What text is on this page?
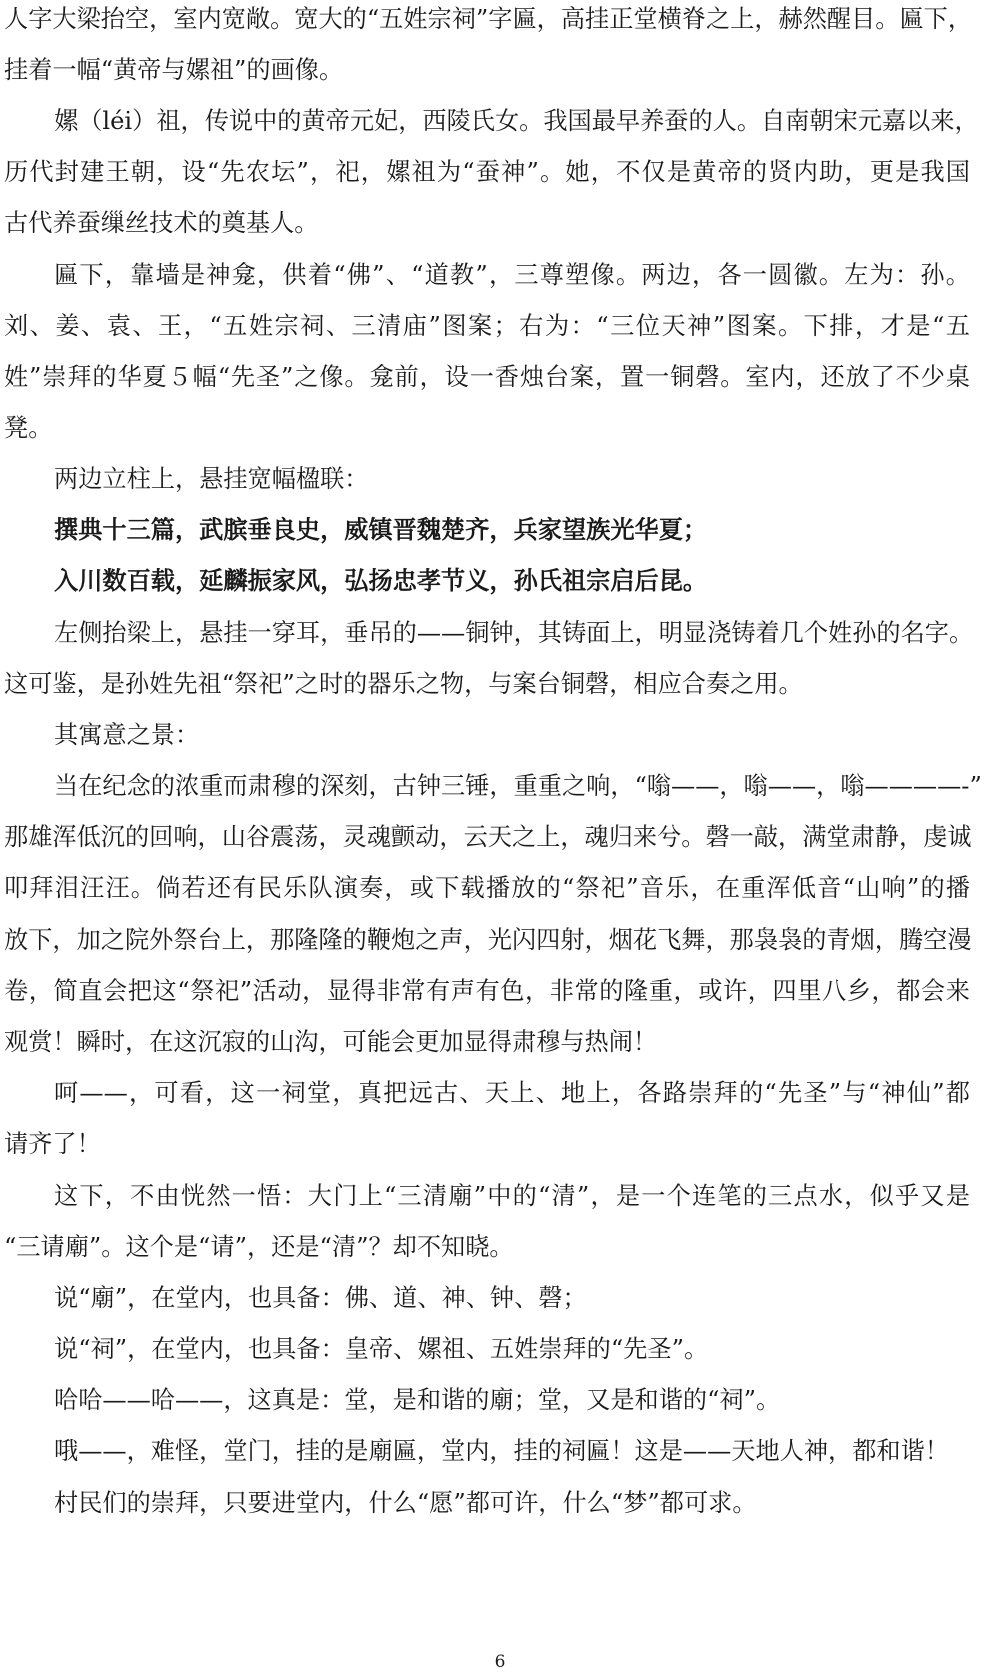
人字大梁抬空，室内宽敞。宽大的“五姓宗祠”字匾，高挂正堂横脊之上，赫然醒目。匾下，
挂着一幅“黄帝与嫘祖”的画像。
嫘（léi）祖，传说中的黄帝元妃，西陵氏女。我国最早养蚕的人。自南朝宋元嘉以来，
历代封建王朝，设“先农坛”，祀，嫘祖为“蚕神”。她，不仅是黄帝的贤内助，更是我国
古代养蚕缫丝技术的奠基人。
匾下，靠墙是神龛，供着“佛”、“道教”，三尊塑像。两边，各一圆徽。左为：孙。
刘、姜、袁、王，“五姓宗祠、三清庙”图案；右为：“三位天神”图案。下排，才是“五
姓”崇拜的华夏５幅“先圣”之像。龛前，设一香烛台案，置一铜磬。室内，还放了不少桌
凳。
两边立柱上，悬挂宽幅楹联：
撰典十三篇，武膑垂良史，威镇晋魏楚齐，兵家望族光华夏；
入川数百载，延麟振家风，弘扬忠孝节义，孙氏祖宗启后昆。
左侧抬梁上，悬挂一穿耳，垂吊的——铜钟，其铸面上，明显浇铸着几个姓孙的名字。
这可鉴，是孙姓先祖“祭祀”之时的器乐之物，与案台铜磬，相应合奏之用。
其寓意之景：
当在纪念的浓重而肃穆的深刻，古钟三锤，重重之响，“嗡——，嗡——，嗡————-”
那雄浑低沉的回响，山谷震荡，灵魂颤动，云天之上，魂归来兮。磬一敲，满堂肃静，虔诚
叩拜泪汪汪。倘若还有民乐队演奏，或下载播放的“祭祀”音乐，在重浑低音“山响”的播
放下，加之院外祭台上，那隆隆的鞭炮之声，光闪四射，烟花飞舞，那袅袅的青烟，腾空漫
卷，简直会把这“祭祀”活动，显得非常有声有色，非常的隆重，或许，四里八乡，都会来
观赏！瞬时，在这沉寂的山沟，可能会更加显得肃穆与热闹！
呵——，可看，这一祠堂，真把远古、天上、地上，各路崇拜的“先圣”与“神仙”都
请齐了！
这下，不由恍然一悟：大门上“三清廟”中的“清”，是一个连笔的三点水，似乎又是
“三请廟”。这个是“请”，还是“清”？却不知晓。
说“廟”，在堂内，也具备：佛、道、神、钟、磬；
说“祠”，在堂内，也具备：皇帝、嫘祖、五姓崇拜的“先圣”。
哈哈——哈——，这真是：堂，是和谐的廟；堂，又是和谐的“祠”。
哦——，难怪，堂门，挂的是廟匾，堂内，挂的祠匾！这是——天地人神，都和谐！
村民们的崇拜，只要进堂内，什么“愿”都可许，什么“梦”都可求。
6
